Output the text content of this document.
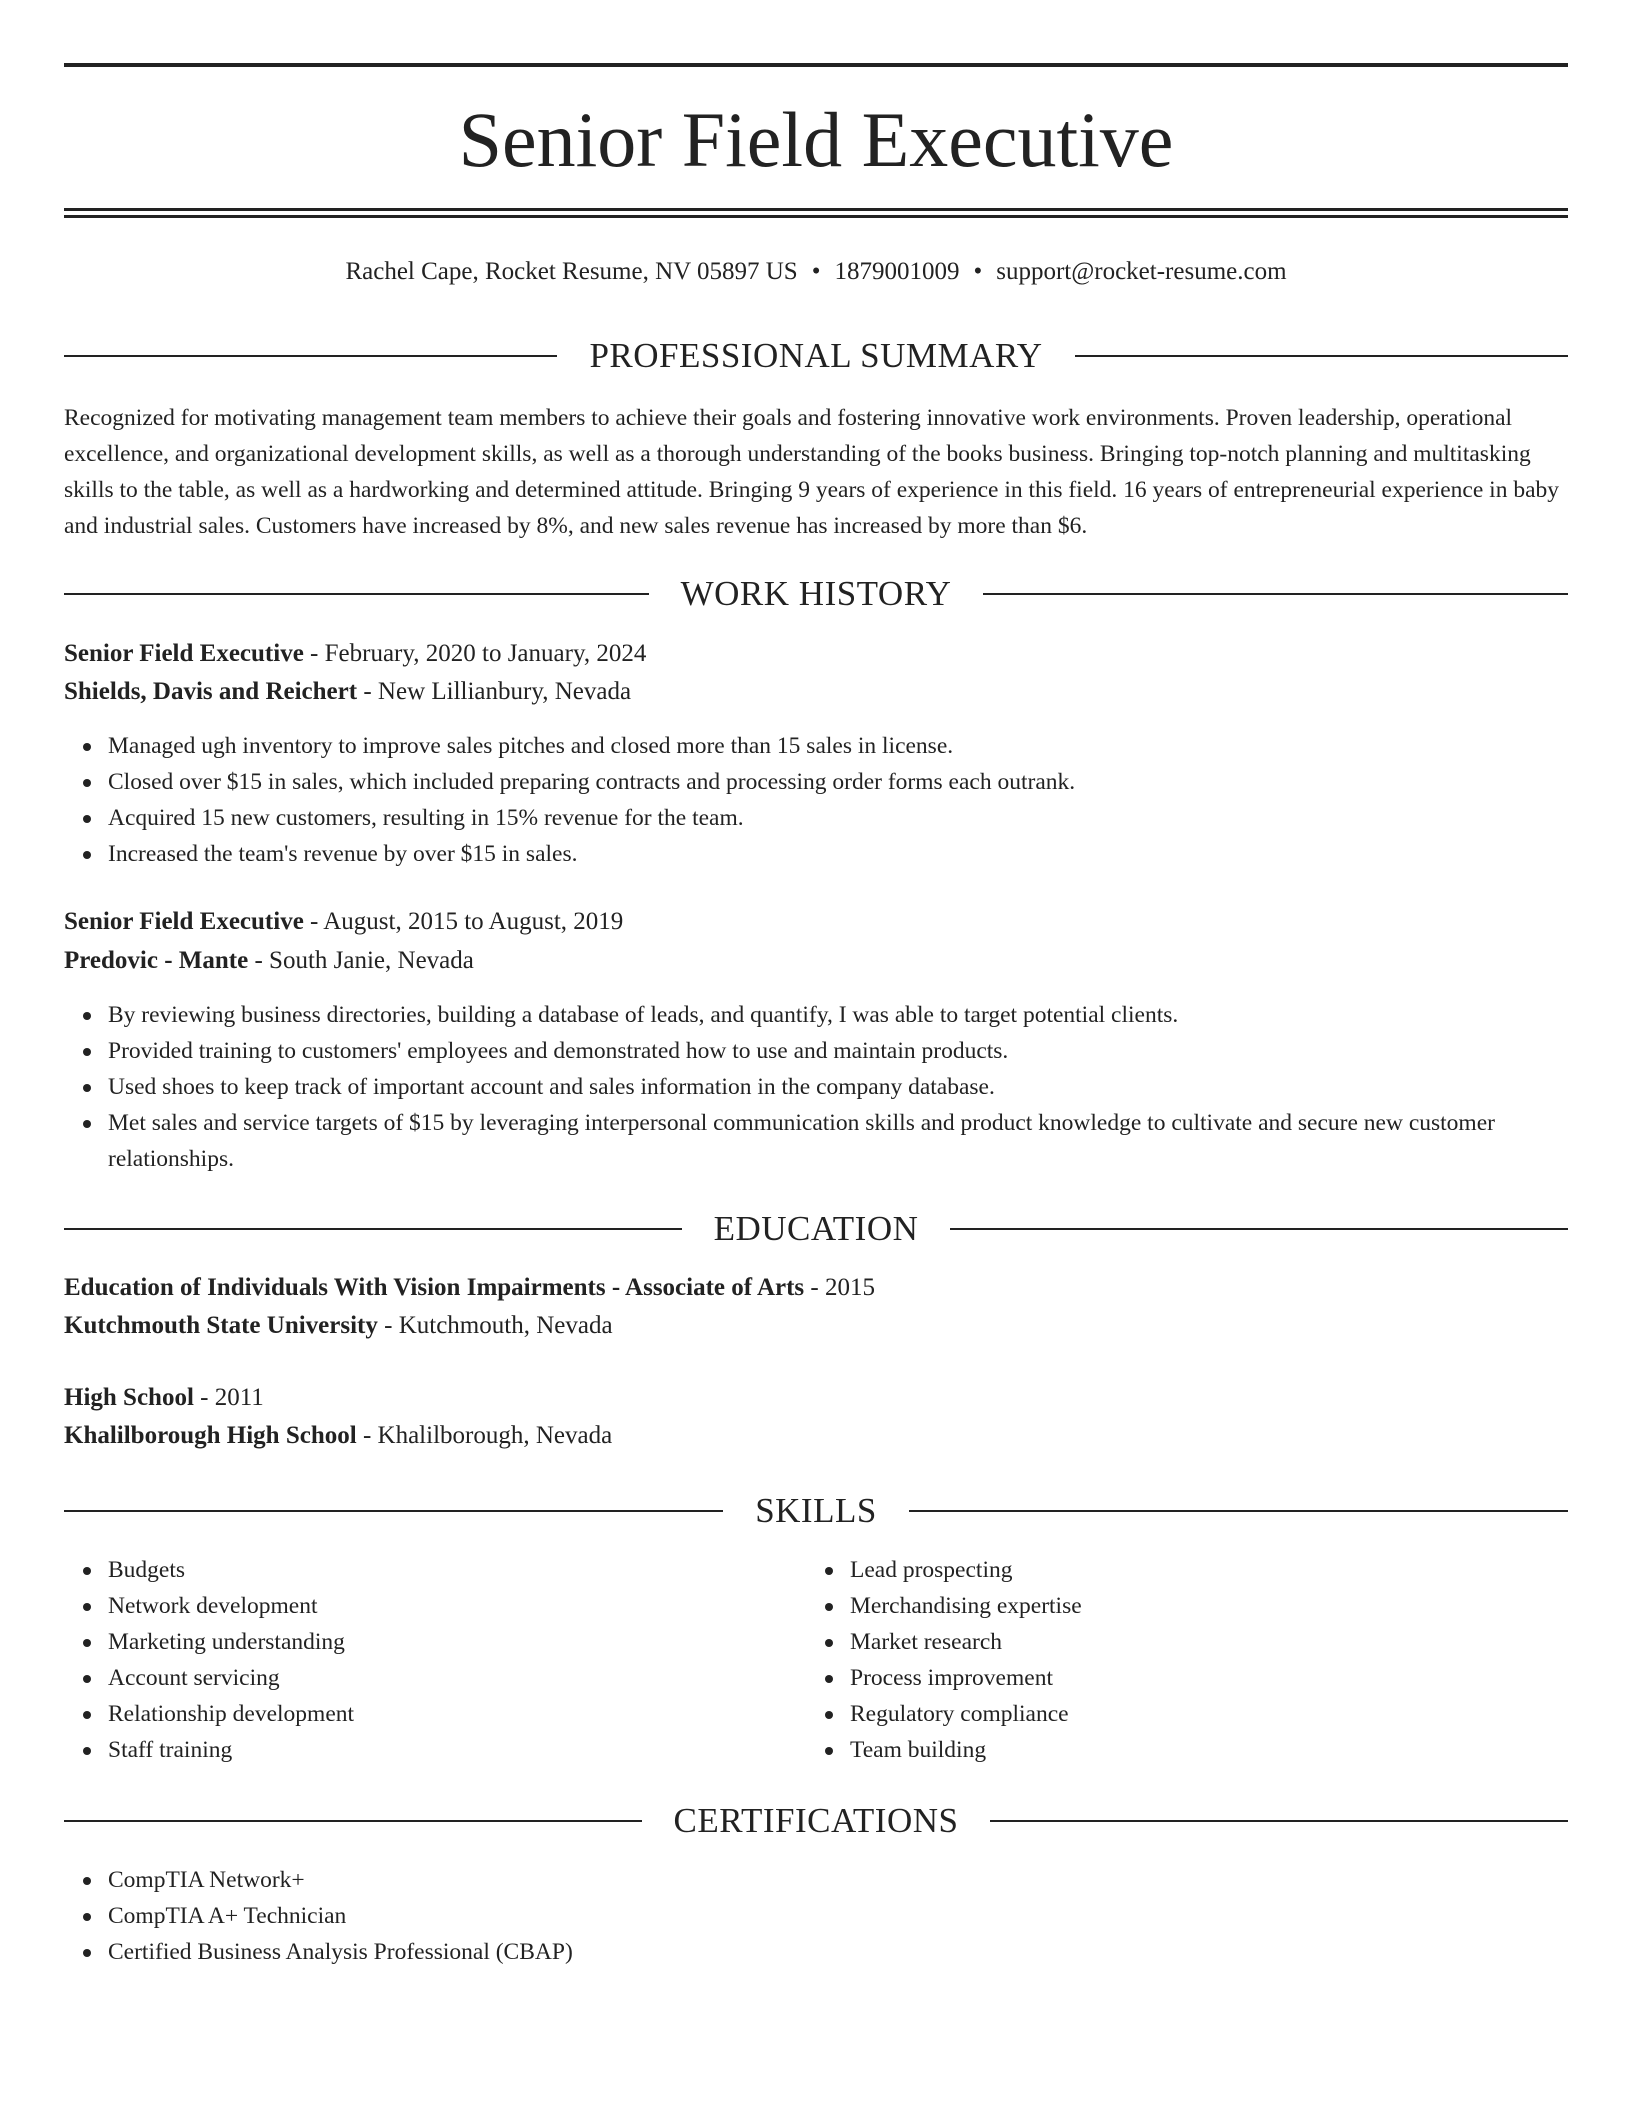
Senior Field Executive
Rachel Cape, Rocket Resume, NV 05897 US • 1879001009 • support@rocket-resume.com
PROFESSIONAL SUMMARY

Recognized for motivating management team members to achieve their goals and fostering innovative work environments. Proven leadership, operational excellence, and organizational development skills, as well as a thorough understanding of the books business. Bringing top-notch planning and multitasking skills to the table, as well as a hardworking and determined attitude. Bringing 9 years of experience in this field. 16 years of entrepreneurial experience in baby and industrial sales. Customers have increased by 8%, and new sales revenue has increased by more than $6.

WORK HISTORY
Senior Field Executive - February, 2020 to January, 2024
Shields, Davis and Reichert - New Lillianbury, Nevada
Managed ugh inventory to improve sales pitches and closed more than 15 sales in license.
Closed over $15 in sales, which included preparing contracts and processing order forms each outrank.
Acquired 15 new customers, resulting in 15% revenue for the team.
Increased the team's revenue by over $15 in sales.
Senior Field Executive - August, 2015 to August, 2019
Predovic - Mante - South Janie, Nevada
By reviewing business directories, building a database of leads, and quantify, I was able to target potential clients.
Provided training to customers' employees and demonstrated how to use and maintain products.
Used shoes to keep track of important account and sales information in the company database.
Met sales and service targets of $15 by leveraging interpersonal communication skills and product knowledge to cultivate and secure new customer relationships.
EDUCATION
Education of Individuals With Vision Impairments - Associate of Arts - 2015
Kutchmouth State University - Kutchmouth, Nevada
High School - 2011
Khalilborough High School - Khalilborough, Nevada
SKILLS
Budgets
Network development
Marketing understanding
Account servicing
Relationship development
Staff training
Lead prospecting
Merchandising expertise
Market research
Process improvement
Regulatory compliance
Team building
CERTIFICATIONS
CompTIA Network+
CompTIA A+ Technician
Certified Business Analysis Professional (CBAP)
